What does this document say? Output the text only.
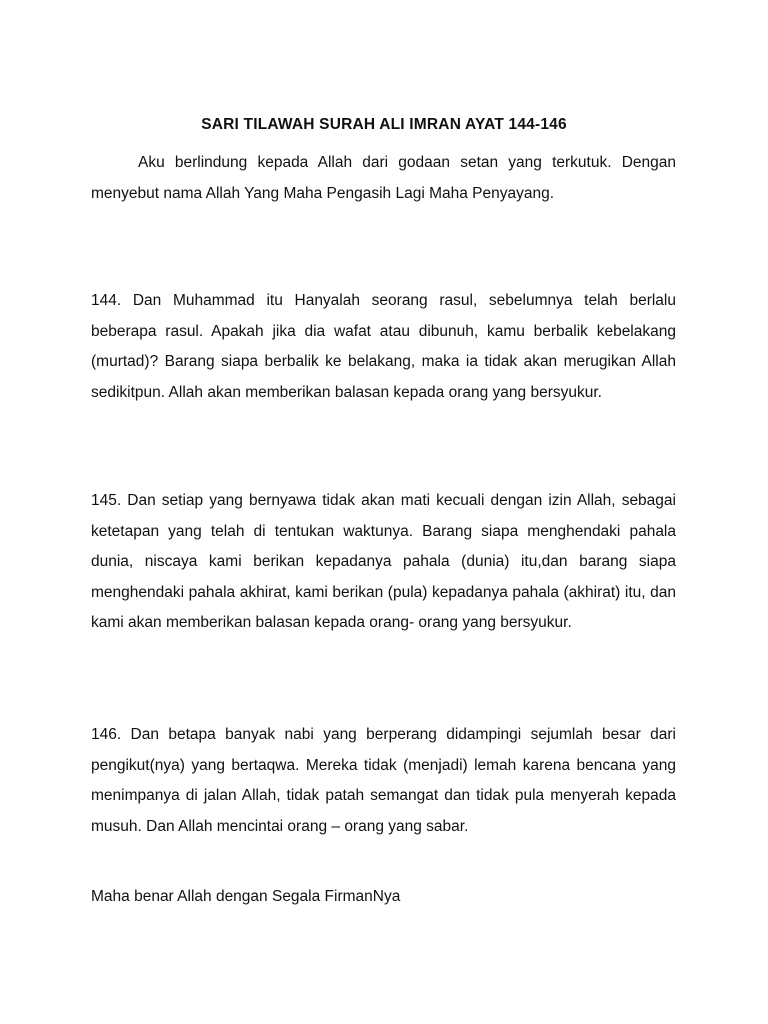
SARI TILAWAH SURAH ALI IMRAN AYAT 144-146
Aku berlindung kepada Allah dari godaan setan yang terkutuk. Dengan menyebut nama Allah Yang Maha Pengasih Lagi Maha Penyayang.
144. Dan Muhammad itu Hanyalah seorang rasul, sebelumnya telah berlalu beberapa rasul. Apakah jika dia wafat atau dibunuh, kamu berbalik kebelakang (murtad)? Barang siapa berbalik ke belakang, maka ia tidak akan merugikan Allah sedikitpun. Allah akan memberikan balasan kepada orang yang bersyukur.
145. Dan setiap yang bernyawa tidak akan mati kecuali dengan izin Allah, sebagai ketetapan yang telah di tentukan waktunya. Barang siapa menghendaki pahala dunia, niscaya kami berikan kepadanya pahala (dunia) itu,dan barang siapa menghendaki pahala akhirat, kami berikan (pula) kepadanya pahala (akhirat) itu, dan kami akan memberikan balasan kepada orang- orang yang bersyukur.
146. Dan betapa banyak nabi yang berperang didampingi sejumlah besar dari pengikut(nya) yang bertaqwa. Mereka tidak (menjadi) lemah karena bencana yang menimpanya di jalan Allah, tidak patah semangat dan tidak pula menyerah kepada musuh. Dan Allah mencintai orang – orang yang sabar.
Maha benar Allah dengan Segala FirmanNya
